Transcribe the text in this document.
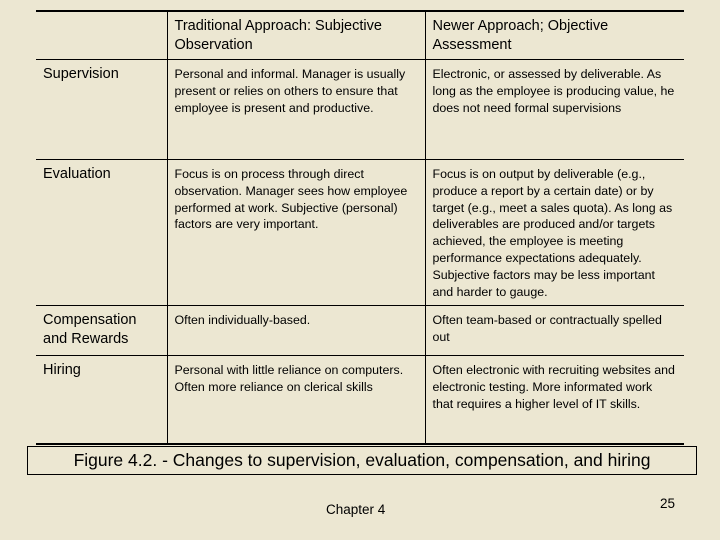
	Traditional Approach: Subjective Observation	Newer Approach; Objective Assessment
Supervision	Personal and informal. Manager is usually present or relies on others to ensure that employee is present and productive.	Electronic, or assessed by deliverable. As long as the employee is producing value, he does not need formal supervisions
Evaluation	Focus is on process through direct observation. Manager sees how employee performed at work. Subjective (personal) factors are very important.	Focus is on output by deliverable (e.g., produce a report by a certain date) or by target (e.g., meet a sales quota). As long as deliverables are produced and/or targets achieved, the employee is meeting performance expectations adequately. Subjective factors may be less important and harder to gauge.
Compensation and Rewards	Often individually-based.	Often team-based or contractually spelled out
Hiring	Personal with little reliance on computers. Often more reliance on clerical skills	Often electronic with recruiting websites and electronic testing. More informated work that requires a higher level of IT skills.
Figure 4.2. - Changes to supervision, evaluation, compensation, and hiring
Chapter 4	25
